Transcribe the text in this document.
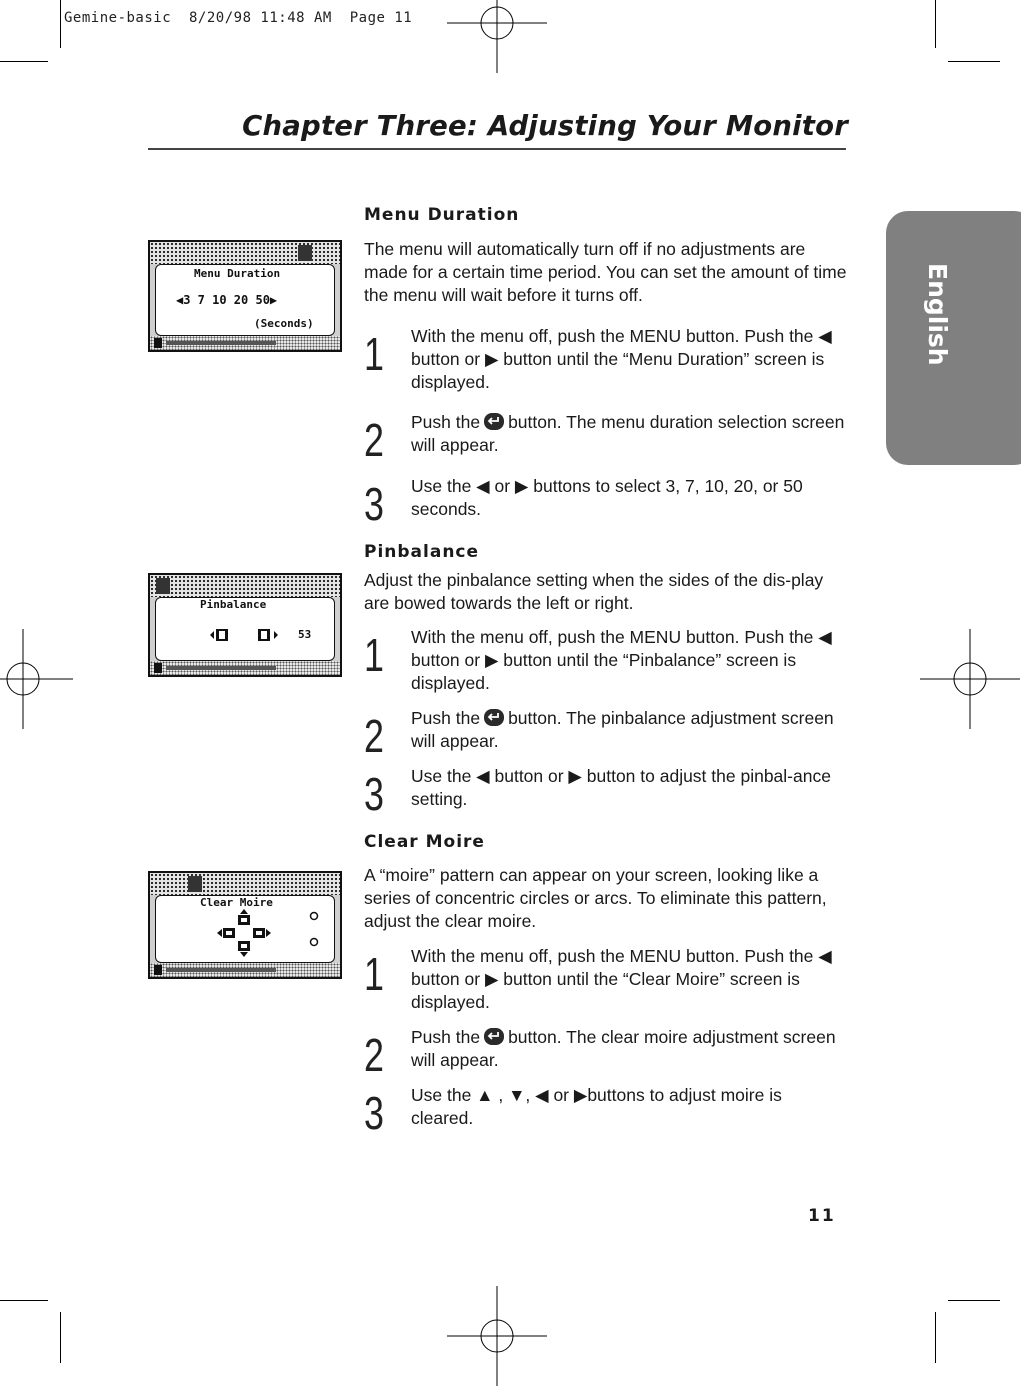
Gemine-basic  8/20/98 11:48 AM  Page 11
Chapter Three: Adjusting Your Monitor
English
Menu Duration
The menu will automatically turn off if no adjustments are made for a certain time period. You can set the amount of time the menu will wait before it turns off.
1 With the menu off, push the MENU button. Push the ◀ button or ▶ button until the “Menu Duration” screen is displayed.
2 Push the button. The menu duration selection screen will appear.
3 Use the ◀ or ▶ buttons to select 3, 7, 10, 20, or 50 seconds.
Menu Duration
◀3 7 10 20 50▶
(Seconds)
Pinbalance
Adjust the pinbalance setting when the sides of the dis-play are bowed towards the left or right.
1 With the menu off, push the MENU button. Push the ◀ button or ▶ button until the “Pinbalance” screen is displayed.
2 Push the button. The pinbalance adjustment screen will appear.
3 Use the ◀ button or ▶ button to adjust the pinbal-ance setting.
Pinbalance
53
Clear Moire
A “moire” pattern can appear on your screen, looking like a series of concentric circles or arcs. To eliminate this pattern, adjust the clear moire.
1 With the menu off, push the MENU button. Push the ◀ button or ▶ button until the “Clear Moire” screen is displayed.
2 Push the button. The clear moire adjustment screen will appear.
3 Use the ▲ , ▼, ◀ or ▶buttons to adjust moire is cleared.
Clear Moire
11
